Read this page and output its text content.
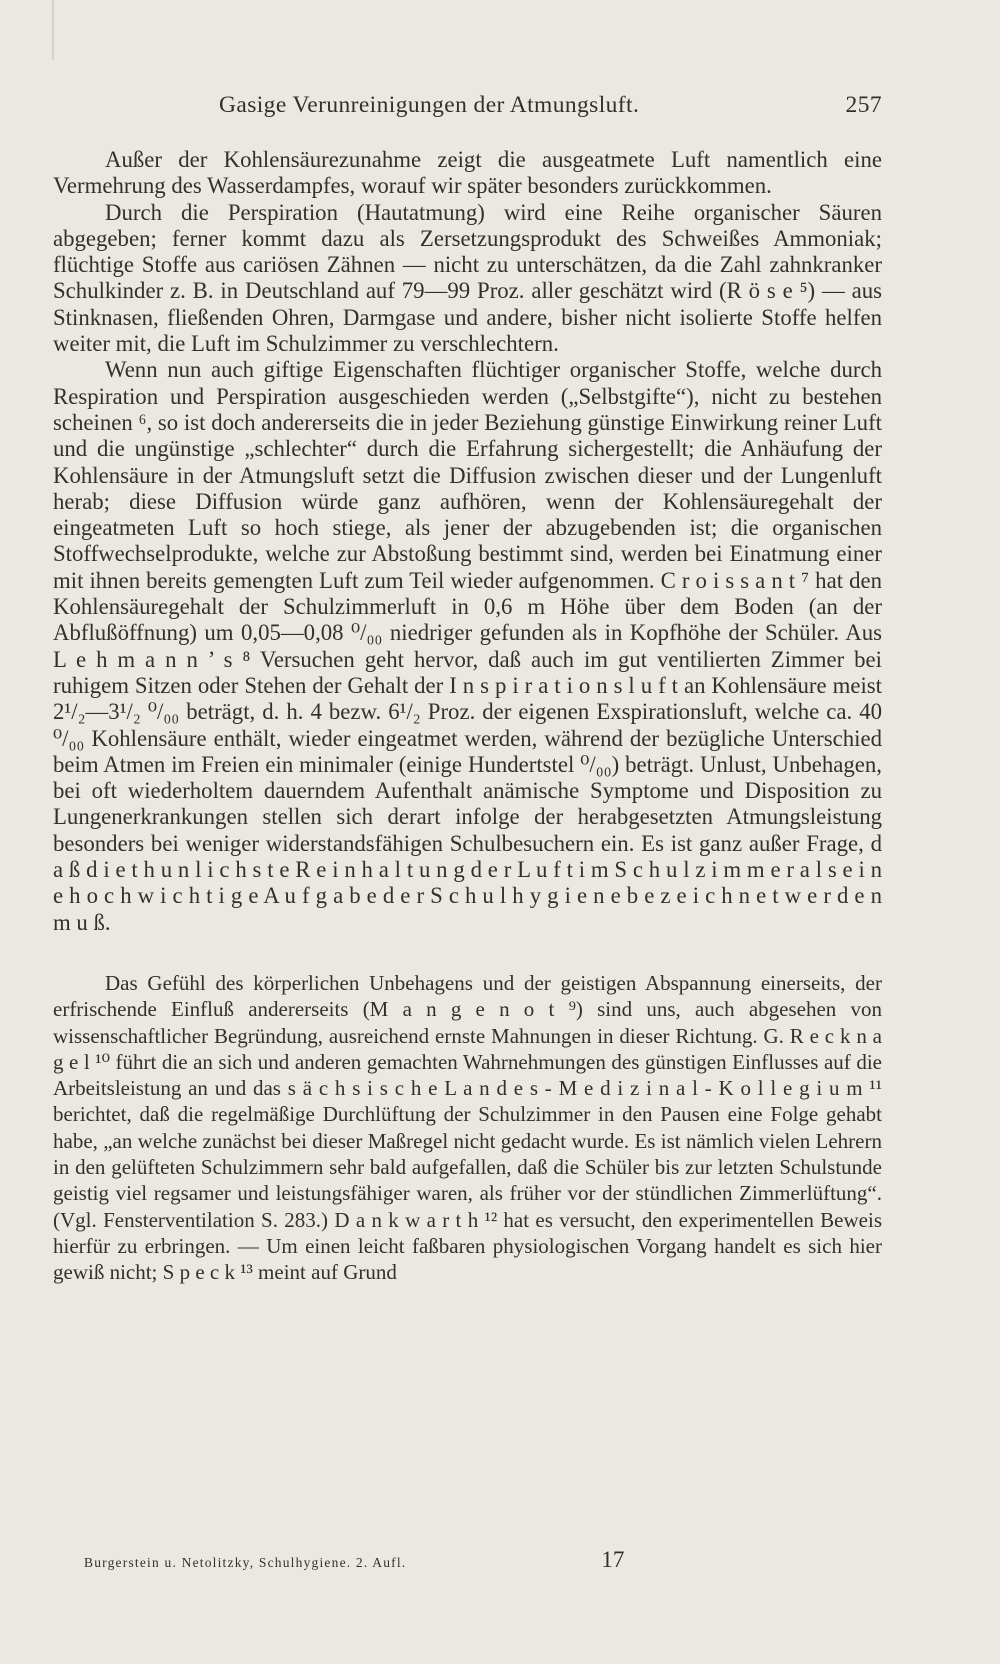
Gasige Verunreinigungen der Atmungsluft.	257

Außer der Kohlensäurezunahme zeigt die ausgeatmete Luft namentlich eine Vermehrung des Wasserdampfes, worauf wir später besonders zurückkommen.

Durch die Perspiration (Hautatmung) wird eine Reihe organischer Säuren abgegeben; ferner kommt dazu als Zersetzungsprodukt des Schweißes Ammoniak; flüchtige Stoffe aus cariösen Zähnen — nicht zu unterschätzen, da die Zahl zahnkranker Schulkinder z. B. in Deutschland auf 79—99 Proz. aller geschätzt wird (R ö s e ⁵) — aus Stinknasen, fließenden Ohren, Darmgase und andere, bisher nicht isolierte Stoffe helfen weiter mit, die Luft im Schulzimmer zu verschlechtern.

Wenn nun auch giftige Eigenschaften flüchtiger organischer Stoffe, welche durch Respiration und Perspiration ausgeschieden werden („Selbstgifte“), nicht zu bestehen scheinen ⁶, so ist doch andererseits die in jeder Beziehung günstige Einwirkung reiner Luft und die ungünstige „schlechter“ durch die Erfahrung sichergestellt; die Anhäufung der Kohlensäure in der Atmungsluft setzt die Diffusion zwischen dieser und der Lungenluft herab; diese Diffusion würde ganz aufhören, wenn der Kohlensäuregehalt der eingeatmeten Luft so hoch stiege, als jener der abzugebenden ist; die organischen Stoffwechselprodukte, welche zur Abstoßung bestimmt sind, werden bei Einatmung einer mit ihnen bereits gemengten Luft zum Teil wieder aufgenommen. C r o i s s a n t ⁷ hat den Kohlensäuregehalt der Schulzimmerluft in 0,6 m Höhe über dem Boden (an der Abflußöffnung) um 0,05—0,08 ⁰/₀₀ niedriger gefunden als in Kopfhöhe der Schüler. Aus L e h m a n n ’ s ⁸ Versuchen geht hervor, daß auch im gut ventilierten Zimmer bei ruhigem Sitzen oder Stehen der Gehalt der I n s p i r a t i o n s l u f t an Kohlensäure meist 2¹/₂—3¹/₂ ⁰/₀₀ beträgt, d. h. 4 bezw. 6¹/₂ Proz. der eigenen Exspirationsluft, welche ca. 40 ⁰/₀₀ Kohlensäure enthält, wieder eingeatmet werden, während der bezügliche Unterschied beim Atmen im Freien ein minimaler (einige Hundertstel ⁰/₀₀) beträgt. Unlust, Unbehagen, bei oft wiederholtem dauerndem Aufenthalt anämische Symptome und Disposition zu Lungenerkrankungen stellen sich derart infolge der herabgesetzten Atmungsleistung besonders bei weniger widerstandsfähigen Schulbesuchern ein. Es ist ganz außer Frage, d a ß d i e t h u n l i c h s t e R e i n h a l t u n g d e r L u f t i m S c h u l z i m m e r a l s e i n e h o c h w i c h t i g e A u f g a b e d e r S c h u l h y g i e n e b e z e i c h n e t w e r d e n m u ß.

Das Gefühl des körperlichen Unbehagens und der geistigen Abspannung einerseits, der erfrischende Einfluß andererseits (M a n g e n o t ⁹) sind uns, auch abgesehen von wissenschaftlicher Begründung, ausreichend ernste Mahnungen in dieser Richtung. G. R e c k n a g e l ¹⁰ führt die an sich und anderen gemachten Wahrnehmungen des günstigen Einflusses auf die Arbeitsleistung an und das s ä c h s i s c h e L a n d e s - M e d i z i n a l - K o l l e g i u m ¹¹ berichtet, daß die regelmäßige Durchlüftung der Schulzimmer in den Pausen eine Folge gehabt habe, „an welche zunächst bei dieser Maßregel nicht gedacht wurde. Es ist nämlich vielen Lehrern in den gelüfteten Schulzimmern sehr bald aufgefallen, daß die Schüler bis zur letzten Schulstunde geistig viel regsamer und leistungsfähiger waren, als früher vor der stündlichen Zimmerlüftung“. (Vgl. Fensterventilation S. 283.) D a n k w a r t h ¹² hat es versucht, den experimentellen Beweis hierfür zu erbringen. — Um einen leicht faßbaren physiologischen Vorgang handelt es sich hier gewiß nicht; S p e c k ¹³ meint auf Grund

Burgerstein u. Netolitzky, Schulhygiene. 2. Aufl.	17
